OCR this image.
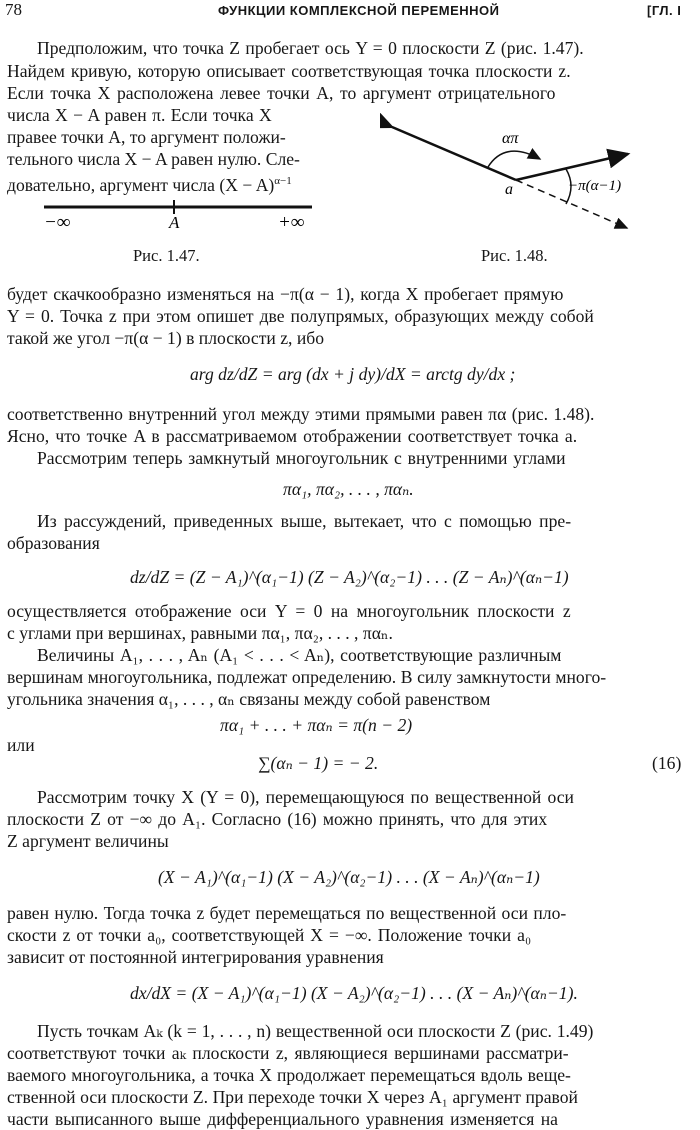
78	ФУНКЦИИ КОМПЛЕКСНОЙ ПЕРЕМЕННОЙ	[ГЛ. I
Предположим, что точка Z пробегает ось Y = 0 плоскости Z (рис. 1.47).
Найдем кривую, которую описывает соответствующая точка плоскости z.
Если точка X расположена левее точки A, то аргумент отрицательного
числа X − A равен π. Если точка X
правее точки A, то аргумент положи-
тельного числа X − A равен нулю. Сле-
довательно, аргумент числа $(X - A)^{\alpha-1}$
−∞	A	+∞
Рис. 1.47.
απ
a	−π(α−1)
Рис. 1.48.
будет скачкообразно изменяться на −π(α − 1), когда X пробегает прямую
Y = 0. Точка z при этом опишет две полупрямых, образующих между собой
такой же угол −π(α − 1) в плоскости z, ибо
arg dz/dZ = arg (dx + j dy)/dX = arctg dy/dx ;
соответственно внутренний угол между этими прямыми равен πα (рис. 1.48).
Ясно, что точке A в рассматриваемом отображении соответствует точка a.
Рассмотрим теперь замкнутый многоугольник с внутренними углами
πα₁, πα₂, . . . , παₙ.
Из рассуждений, приведенных выше, вытекает, что с помощью пре-
образования
dz/dZ = (Z − A₁)^(α₁−1) (Z − A₂)^(α₂−1) . . . (Z − Aₙ)^(αₙ−1)
осуществляется отображение оси Y = 0 на многоугольник плоскости z
с углами при вершинах, равными πα₁, πα₂, . . . , παₙ.
Величины A₁, . . . , Aₙ (A₁ < . . . < Aₙ), соответствующие различным
вершинам многоугольника, подлежат определению. В силу замкнутости много-
угольника значения α₁, . . . , αₙ связаны между собой равенством
πα₁ + . . . + παₙ = π(n − 2)
или
∑(αₙ − 1) = − 2.	(16)
Рассмотрим точку X (Y = 0), перемещающуюся по вещественной оси
плоскости Z от −∞ до A₁. Согласно (16) можно принять, что для этих
Z аргумент величины
(X − A₁)^(α₁−1) (X − A₂)^(α₂−1) . . . (X − Aₙ)^(αₙ−1)
равен нулю. Тогда точка z будет перемещаться по вещественной оси пло-
скости z от точки a₀, соответствующей X = −∞. Положение точки a₀
зависит от постоянной интегрирования уравнения
dx/dX = (X − A₁)^(α₁−1) (X − A₂)^(α₂−1) . . . (X − Aₙ)^(αₙ−1).
Пусть точкам Aₖ (k = 1, . . . , n) вещественной оси плоскости Z (рис. 1.49)
соответствуют точки aₖ плоскости z, являющиеся вершинами рассматри-
ваемого многоугольника, а точка X продолжает перемещаться вдоль веще-
ственной оси плоскости Z. При переходе точки X через A₁ аргумент правой
части выписанного выше дифференциального уравнения изменяется на
